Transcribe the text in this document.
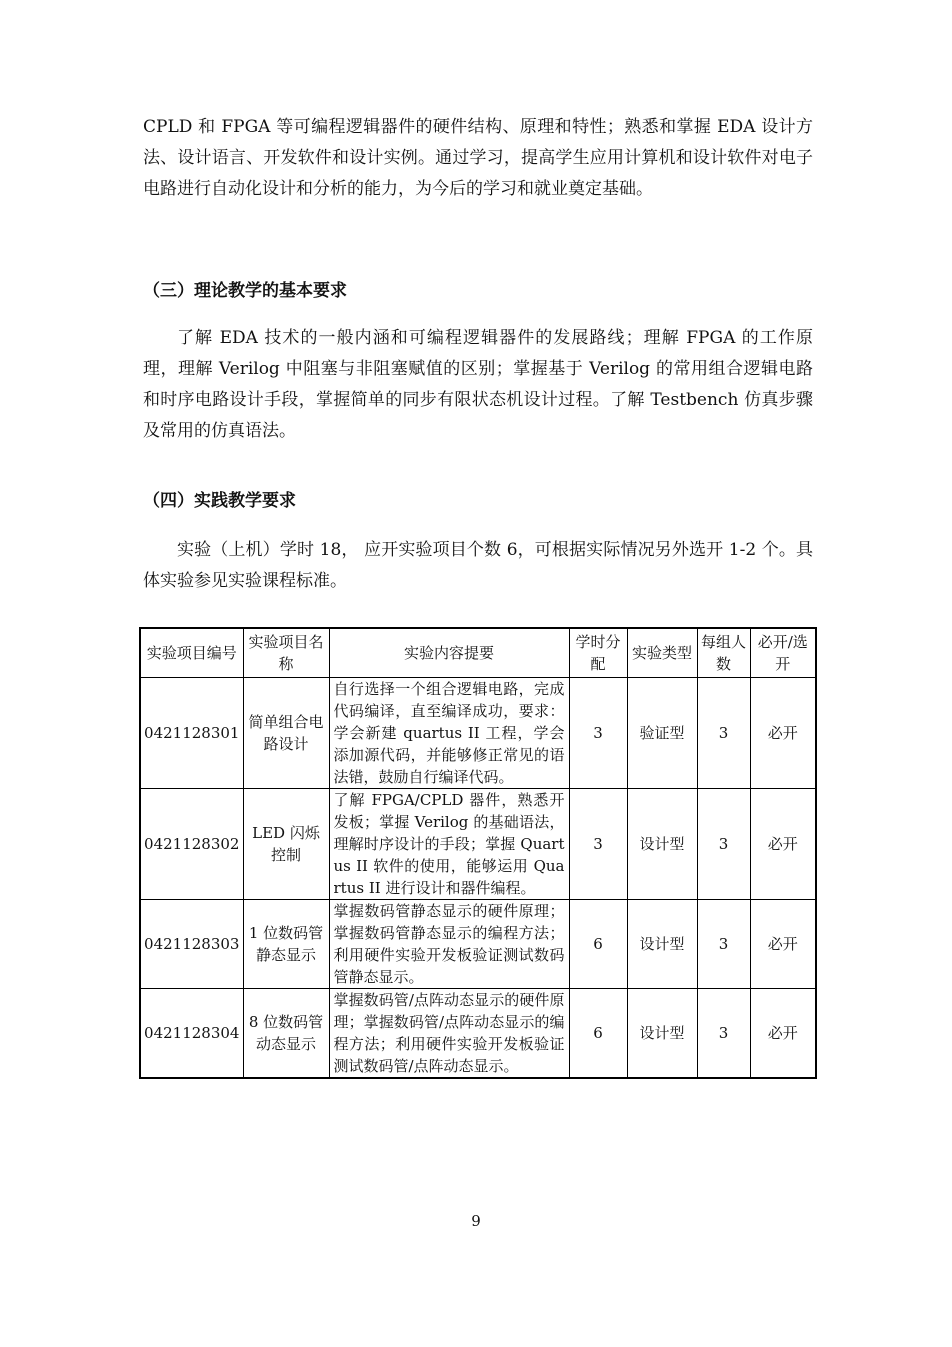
CPLD 和 FPGA 等可编程逻辑器件的硬件结构、原理和特性；熟悉和掌握 EDA 设计方法、设计语言、开发软件和设计实例。通过学习，提高学生应用计算机和设计软件对电子电路进行自动化设计和分析的能力，为今后的学习和就业奠定基础。

（三）理论教学的基本要求

了解 EDA 技术的一般内涵和可编程逻辑器件的发展路线；理解 FPGA 的工作原理，理解 Verilog 中阻塞与非阻塞赋值的区别；掌握基于 Verilog 的常用组合逻辑电路和时序电路设计手段，掌握简单的同步有限状态机设计过程。了解 Testbench 仿真步骤及常用的仿真语法。

（四）实践教学要求

实验（上机）学时 18， 应开实验项目个数 6，可根据实际情况另外选开 1-2 个。具体实验参见实验课程标准。

实验项目编号	实验项目名称	实验内容提要	学时分配	实验类型	每组人数	必开/选开
0421128301	简单组合电路设计	自行选择一个组合逻辑电路，完成代码编译，直至编译成功，要求：学会新建 quartus II 工程，学会添加源代码，并能够修正常见的语法错，鼓励自行编译代码。	3	验证型	3	必开
0421128302	LED 闪烁控制	了解 FPGA/CPLD 器件，熟悉开发板；掌握 Verilog 的基础语法，理解时序设计的手段；掌握 Quartus II 软件的使用，能够运用 Quartus II 进行设计和器件编程。	3	设计型	3	必开
0421128303	1 位数码管静态显示	掌握数码管静态显示的硬件原理；掌握数码管静态显示的编程方法；利用硬件实验开发板验证测试数码管静态显示。	6	设计型	3	必开
0421128304	8 位数码管动态显示	掌握数码管/点阵动态显示的硬件原理；掌握数码管/点阵动态显示的编程方法；利用硬件实验开发板验证测试数码管/点阵动态显示。	6	设计型	3	必开
9
